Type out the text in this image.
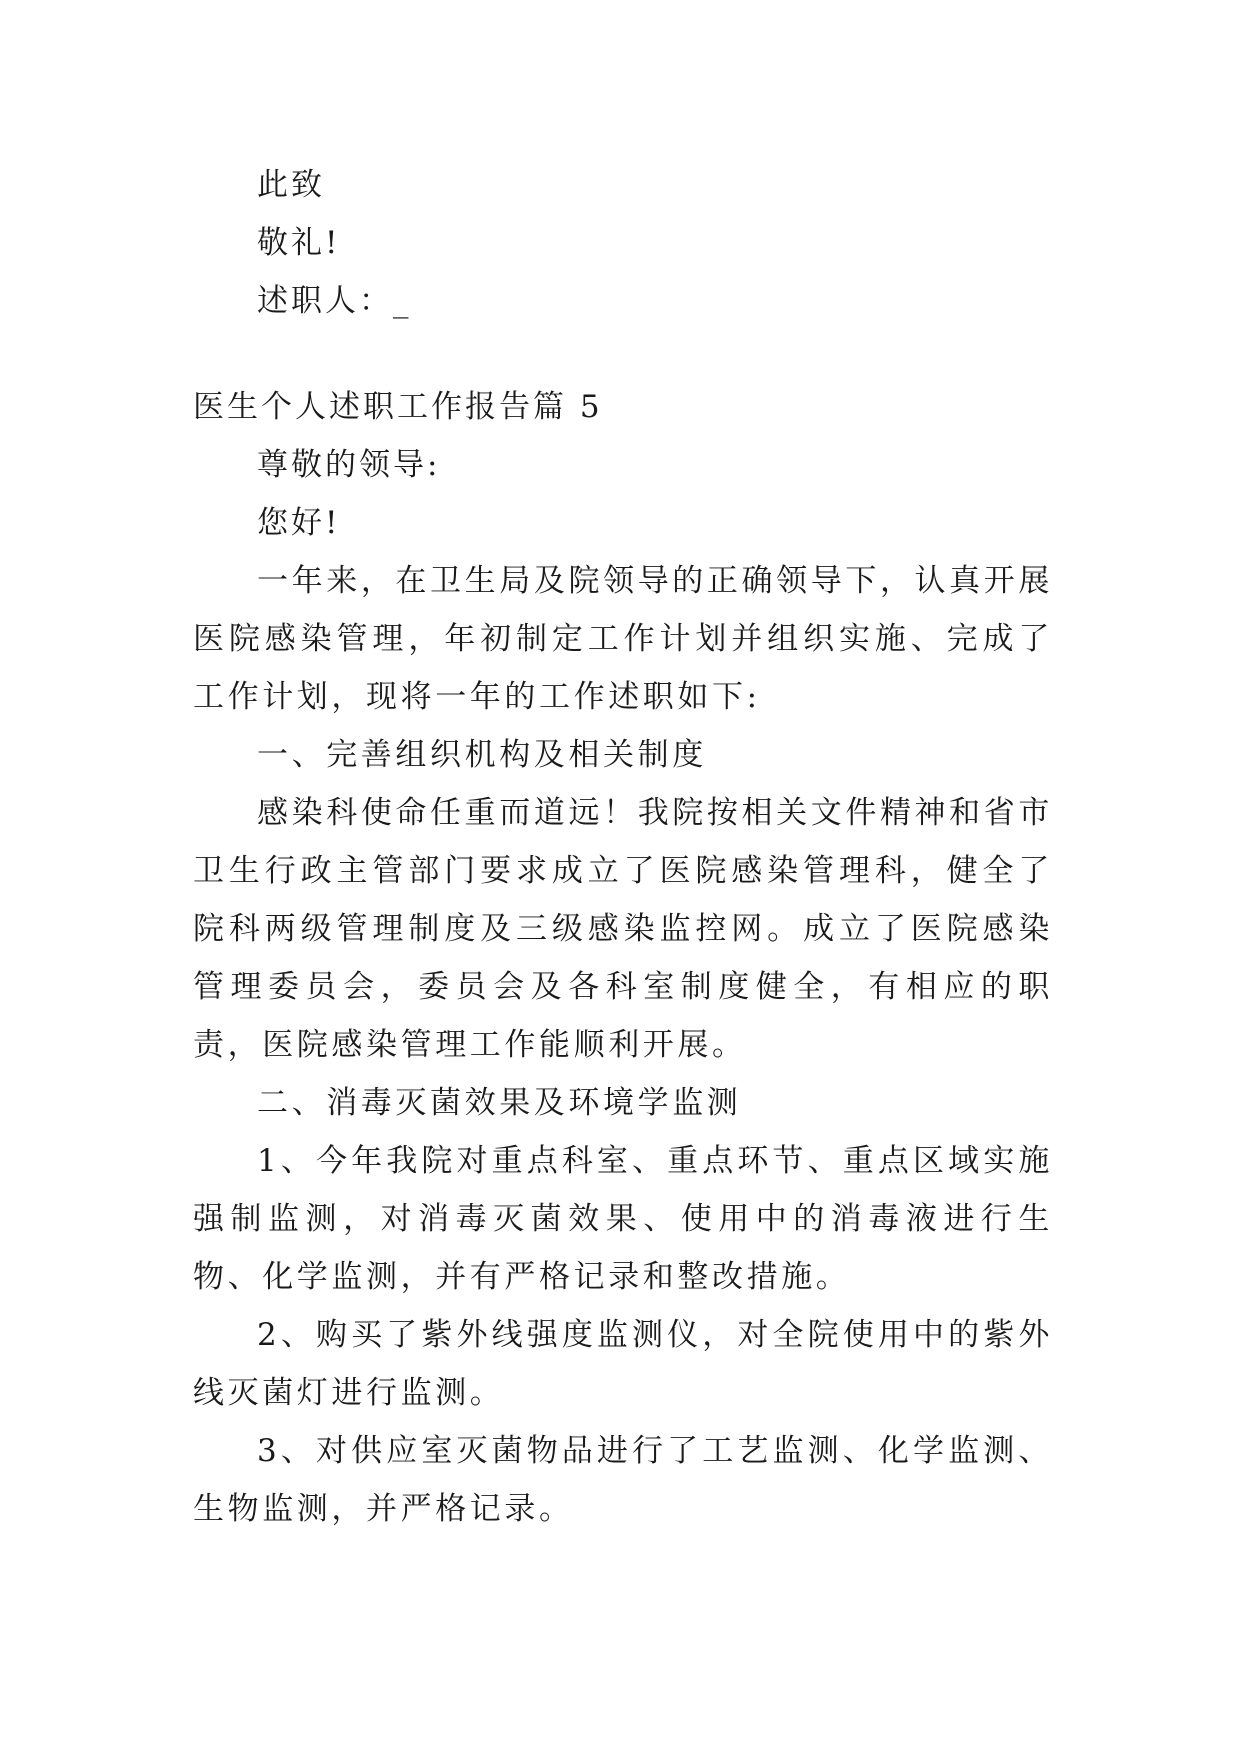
此致
敬礼!
述职人：_
医生个人述职工作报告篇 5
尊敬的领导:
您好!
一年来，在卫生局及院领导的正确领导下，认真开展医院感染管理，年初制定工作计划并组织实施、完成了工作计划，现将一年的工作述职如下:
一、完善组织机构及相关制度
感染科使命任重而道远！我院按相关文件精神和省市卫生行政主管部门要求成立了医院感染管理科，健全了院科两级管理制度及三级感染监控网。成立了医院感染管理委员会，委员会及各科室制度健全，有相应的职责，医院感染管理工作能顺利开展。
二、消毒灭菌效果及环境学监测
1、今年我院对重点科室、重点环节、重点区域实施强制监测，对消毒灭菌效果、使用中的消毒液进行生物、化学监测，并有严格记录和整改措施。
2、购买了紫外线强度监测仪，对全院使用中的紫外线灭菌灯进行监测。
3、对供应室灭菌物品进行了工艺监测、化学监测、生物监测，并严格记录。
